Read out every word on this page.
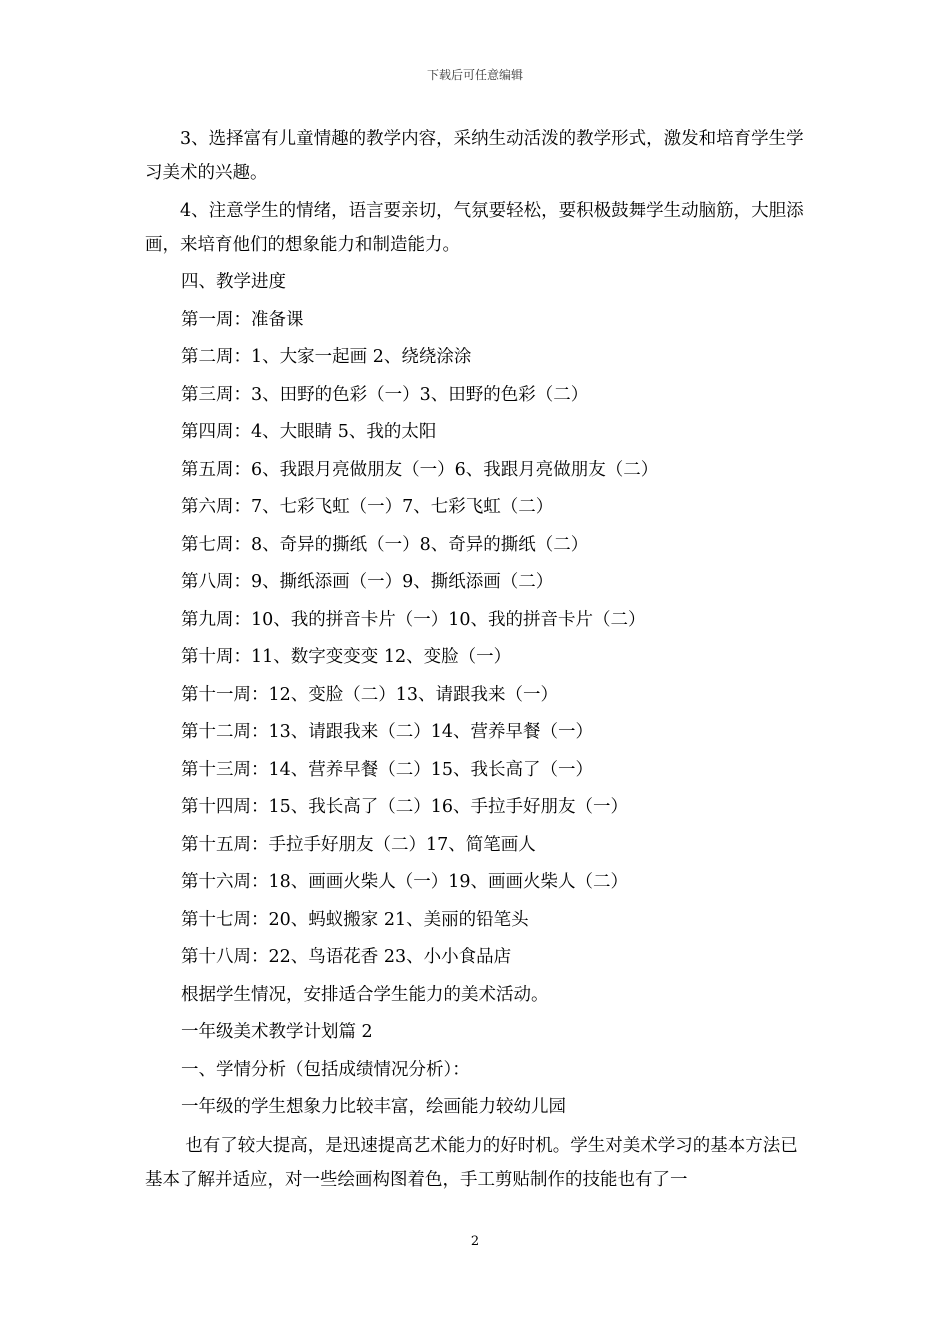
下载后可任意编辑

3、选择富有儿童情趣的教学内容，采纳生动活泼的教学形式，激发和培育学生学习美术的兴趣。

4、注意学生的情绪，语言要亲切，气氛要轻松，要积极鼓舞学生动脑筋，大胆添画，来培育他们的想象能力和制造能力。

四、教学进度

第一周：准备课

第二周：1、大家一起画 2、绕绕涂涂

第三周：3、田野的色彩（一）3、田野的色彩（二）

第四周：4、大眼睛 5、我的太阳

第五周：6、我跟月亮做朋友（一）6、我跟月亮做朋友（二）

第六周：7、七彩飞虹（一）7、七彩飞虹（二）

第七周：8、奇异的撕纸（一）8、奇异的撕纸（二）

第八周：9、撕纸添画（一）9、撕纸添画（二）

第九周：10、我的拼音卡片（一）10、我的拼音卡片（二）

第十周：11、数字变变变 12、变脸（一）

第十一周：12、变脸（二）13、请跟我来（一）

第十二周：13、请跟我来（二）14、营养早餐（一）

第十三周：14、营养早餐（二）15、我长高了（一）

第十四周：15、我长高了（二）16、手拉手好朋友（一）

第十五周：手拉手好朋友（二）17、简笔画人

第十六周：18、画画火柴人（一）19、画画火柴人（二）

第十七周：20、蚂蚁搬家 21、美丽的铅笔头

第十八周：22、鸟语花香 23、小小食品店

根据学生情况，安排适合学生能力的美术活动。

一年级美术教学计划篇 2

一、学情分析（包括成绩情况分析）：

一年级的学生想象力比较丰富，绘画能力较幼儿园

也有了较大提高，是迅速提高艺术能力的好时机。学生对美术学习的基本方法已基本了解并适应，对一些绘画构图着色，手工剪贴制作的技能也有了一

2
